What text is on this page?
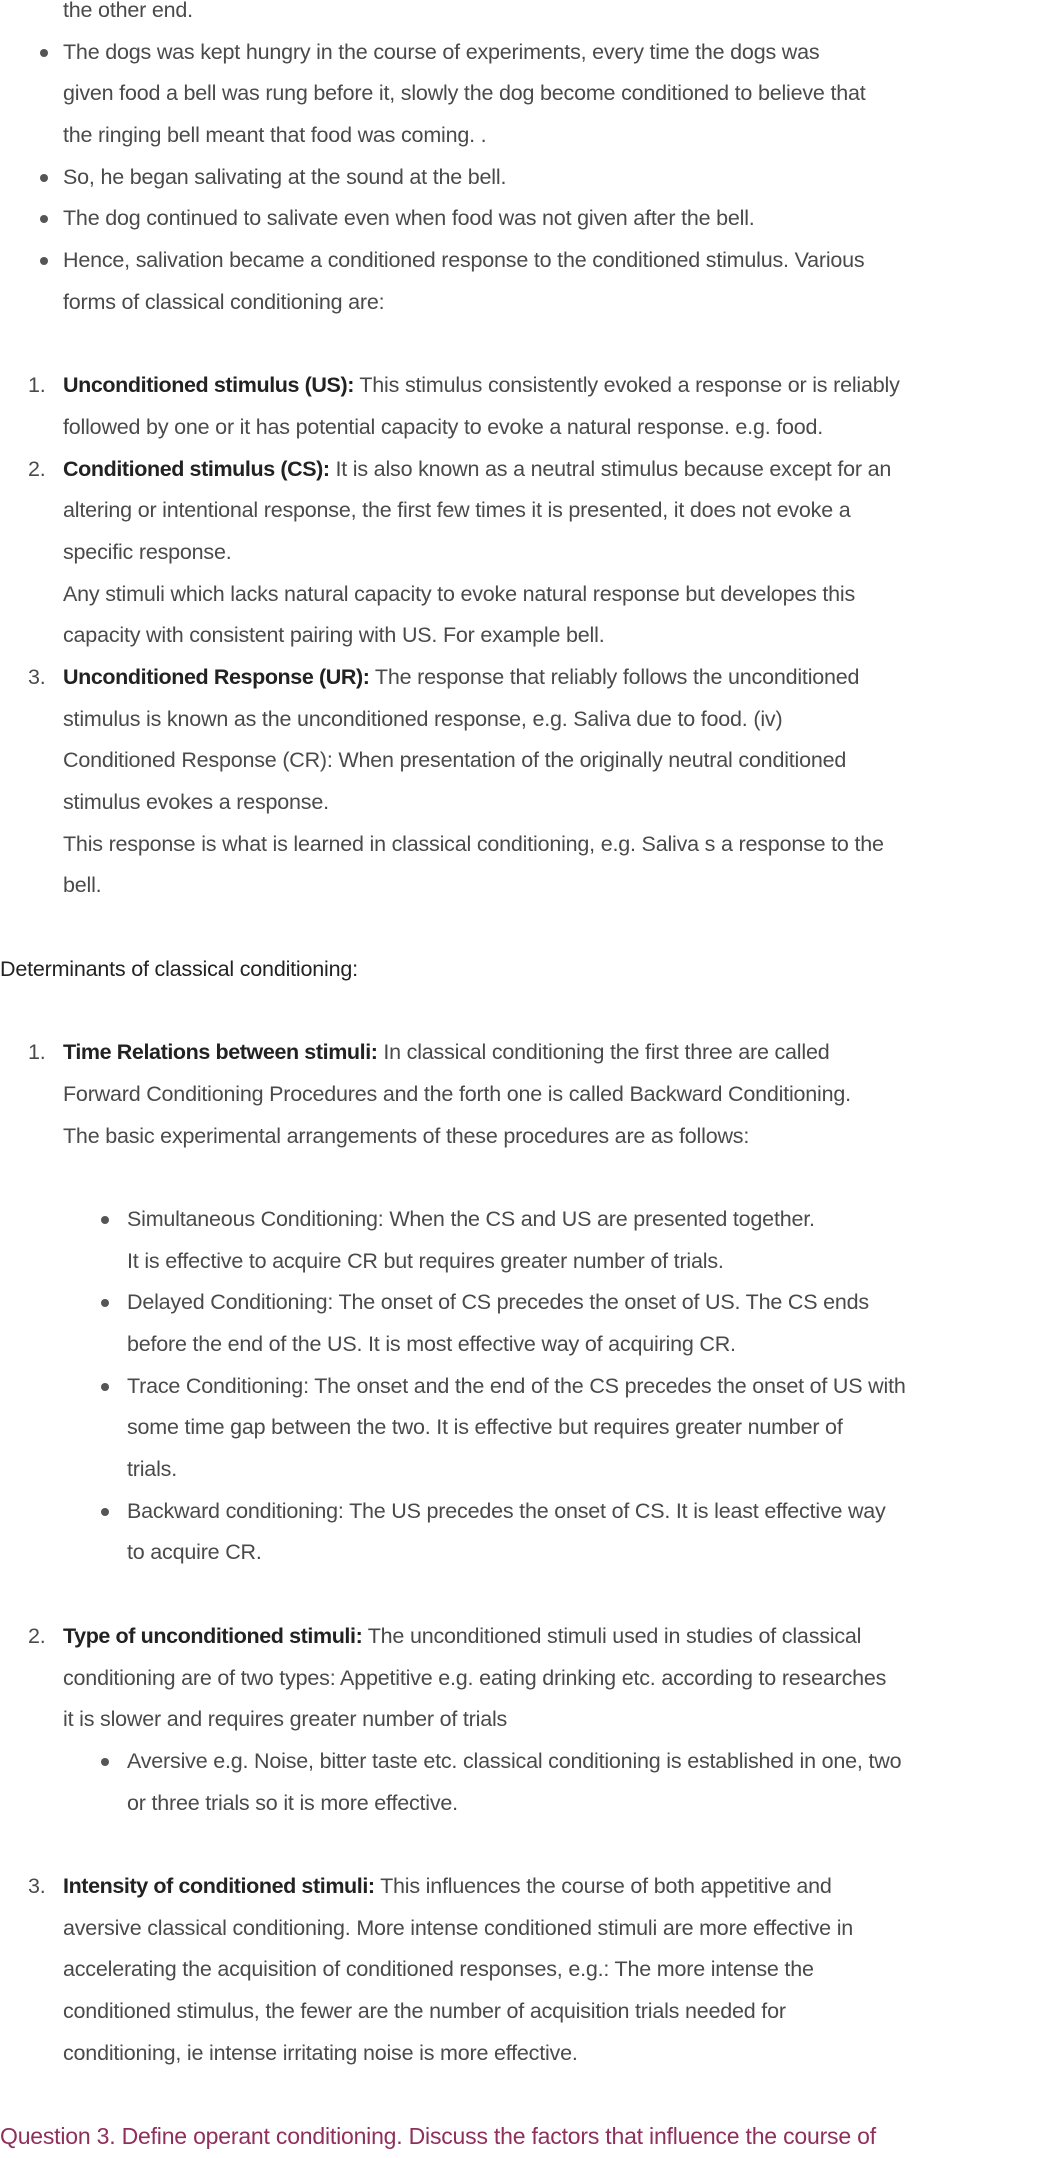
the other end.
The dogs was kept hungry in the course of experiments, every time the dogs was
given food a bell was rung before it, slowly the dog become conditioned to believe that
the ringing bell meant that food was coming. .
So, he began salivating at the sound at the bell.
The dog continued to salivate even when food was not given after the bell.
Hence, salivation became a conditioned response to the conditioned stimulus. Various
forms of classical conditioning are:
Unconditioned stimulus (US): This stimulus consistently evoked a response or is reliably
1.
followed by one or it has potential capacity to evoke a natural response. e.g. food.
Conditioned stimulus (CS): It is also known as a neutral stimulus because except for an
2.
altering or intentional response, the first few times it is presented, it does not evoke a
specific response.
Any stimuli which lacks natural capacity to evoke natural response but developes this
capacity with consistent pairing with US. For example bell.
Unconditioned Response (UR): The response that reliably follows the unconditioned
3.
stimulus is known as the unconditioned response, e.g. Saliva due to food. (iv)
Conditioned Response (CR): When presentation of the originally neutral conditioned
stimulus evokes a response.
This response is what is learned in classical conditioning, e.g. Saliva s a response to the
bell.
Determinants of classical conditioning:
Time Relations between stimuli: In classical conditioning the first three are called
1.
Forward Conditioning Procedures and the forth one is called Backward Conditioning.
The basic experimental arrangements of these procedures are as follows:
Simultaneous Conditioning: When the CS and US are presented together.
It is effective to acquire CR but requires greater number of trials.
Delayed Conditioning: The onset of CS precedes the onset of US. The CS ends
before the end of the US. It is most effective way of acquiring CR.
Trace Conditioning: The onset and the end of the CS precedes the onset of US with
some time gap between the two. It is effective but requires greater number of
trials.
Backward conditioning: The US precedes the onset of CS. It is least effective way
to acquire CR.
Type of unconditioned stimuli: The unconditioned stimuli used in studies of classical
2.
conditioning are of two types: Appetitive e.g. eating drinking etc. according to researches
it is slower and requires greater number of trials
Aversive e.g. Noise, bitter taste etc. classical conditioning is established in one, two
or three trials so it is more effective.
Intensity of conditioned stimuli: This influences the course of both appetitive and
3.
aversive classical conditioning. More intense conditioned stimuli are more effective in
accelerating the acquisition of conditioned responses, e.g.: The more intense the
conditioned stimulus, the fewer are the number of acquisition trials needed for
conditioning, ie intense irritating noise is more effective.
Question 3. Define operant conditioning. Discuss the factors that influence the course of
